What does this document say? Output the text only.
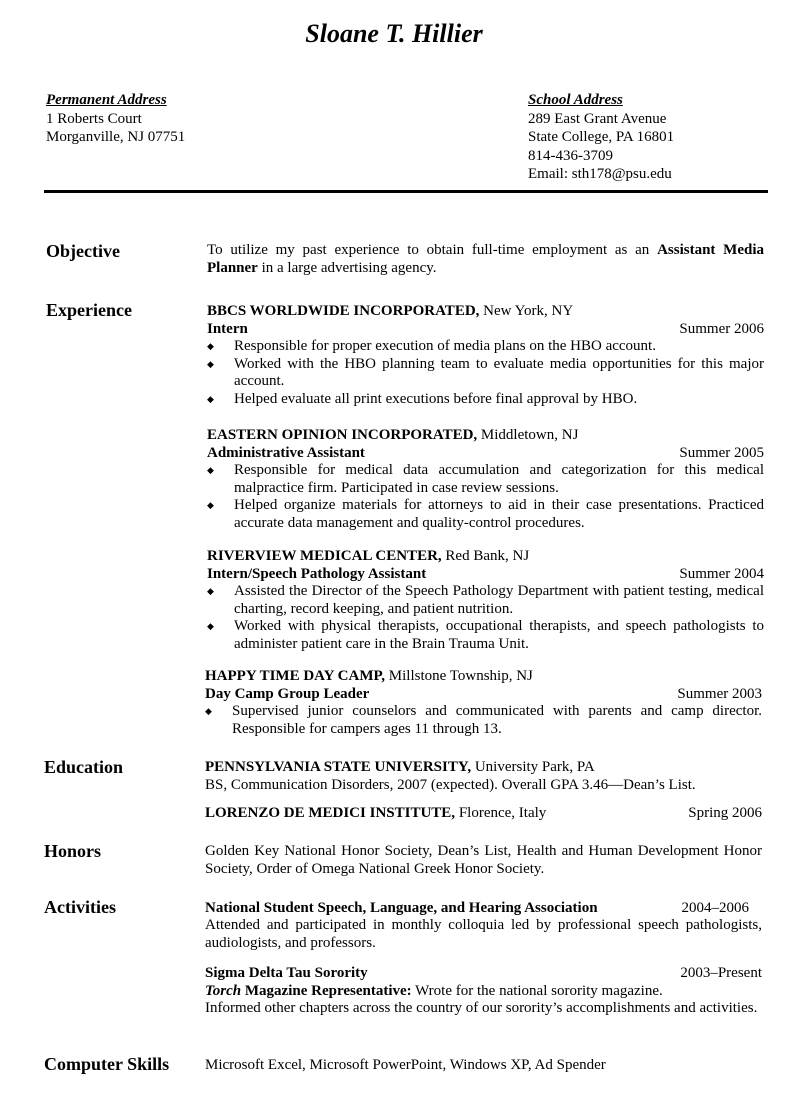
Sloane T. Hillier
Permanent Address
1 Roberts Court
Morganville, NJ 07751
School Address
289 East Grant Avenue
State College, PA 16801
814-436-3709
Email: sth178@psu.edu
Objective	To utilize my past experience to obtain full-time employment as an Assistant Media Planner in a large advertising agency.

Experience	BBCS WORLDWIDE INCORPORATED, New York, NY
Intern	Summer 2006
◆ Responsible for proper execution of media plans on the HBO account.
◆ Worked with the HBO planning team to evaluate media opportunities for this major account.
◆ Helped evaluate all print executions before final approval by HBO.
EASTERN OPINION INCORPORATED, Middletown, NJ
Administrative Assistant	Summer 2005
◆ Responsible for medical data accumulation and categorization for this medical malpractice firm. Participated in case review sessions.
◆ Helped organize materials for attorneys to aid in their case presentations. Practiced accurate data management and quality-control procedures.
RIVERVIEW MEDICAL CENTER, Red Bank, NJ
Intern/Speech Pathology Assistant	Summer 2004
◆ Assisted the Director of the Speech Pathology Department with patient testing, medical charting, record keeping, and patient nutrition.
◆ Worked with physical therapists, occupational therapists, and speech pathologists to administer patient care in the Brain Trauma Unit.
HAPPY TIME DAY CAMP, Millstone Township, NJ
Day Camp Group Leader	Summer 2003
◆ Supervised junior counselors and communicated with parents and camp director. Responsible for campers ages 11 through 13.
Education	PENNSYLVANIA STATE UNIVERSITY, University Park, PA
BS, Communication Disorders, 2007 (expected). Overall GPA 3.46—Dean’s List.
LORENZO DE MEDICI INSTITUTE, Florence, Italy	Spring 2006
Honors	Golden Key National Honor Society, Dean’s List, Health and Human Development Honor Society, Order of Omega National Greek Honor Society.

Activities	National Student Speech, Language, and Hearing Association	2004–2006

Attended and participated in monthly colloquia led by professional speech pathologists, audiologists, and professors.

Sigma Delta Tau Sorority	2003–Present
Torch Magazine Representative: Wrote for the national sorority magazine.

Informed other chapters across the country of our sorority’s accomplishments and activities.

Computer Skills Microsoft Excel, Microsoft PowerPoint, Windows XP, Ad Spender
